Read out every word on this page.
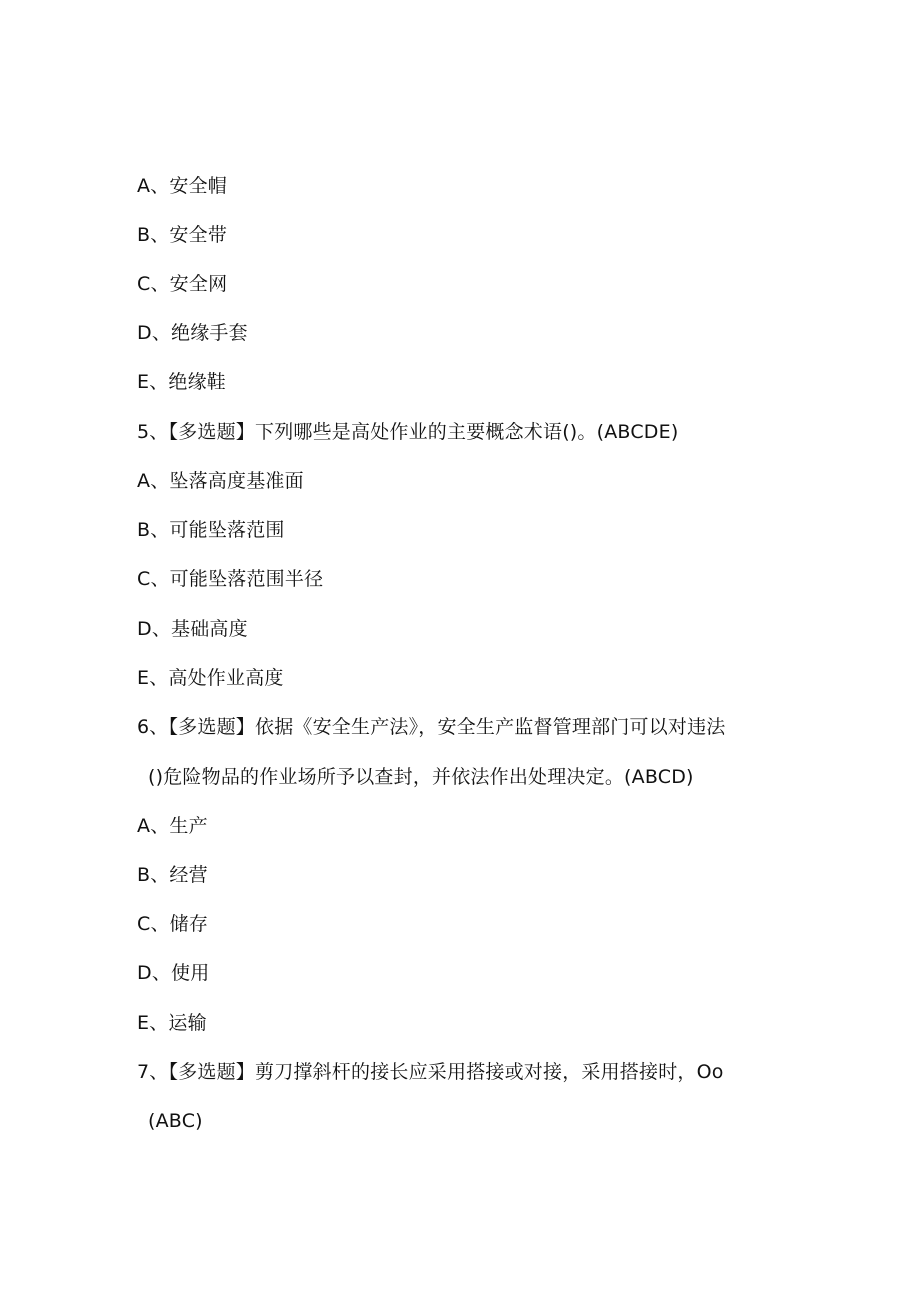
A、安全帽
B、安全带
C、安全网
D、绝缘手套
E、绝缘鞋
5、【多选题】下列哪些是高处作业的主要概念术语()。(ABCDE)
A、坠落高度基准面
B、可能坠落范围
C、可能坠落范围半径
D、基础高度
E、高处作业高度
6、【多选题】依据《安全生产法》，安全生产监督管理部门可以对违法
()危险物品的作业场所予以查封，并依法作出处理决定。(ABCD)
A、生产
B、经营
C、储存
D、使用
E、运输
7、【多选题】剪刀撑斜杆的接长应采用搭接或对接，采用搭接时，Oo
(ABC)
